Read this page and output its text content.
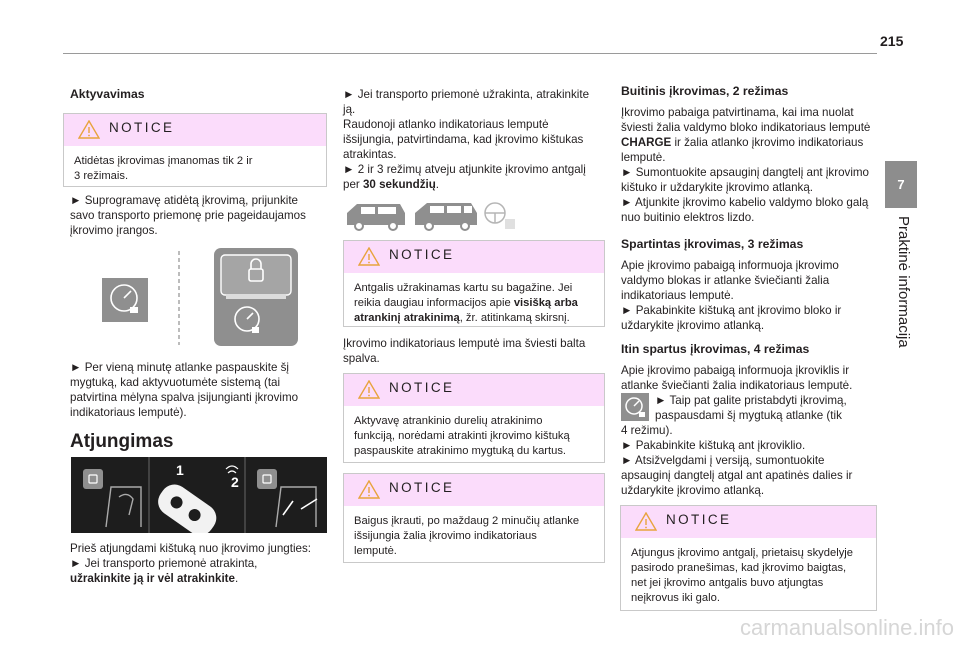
215
7
Praktinė informacija
Aktyvavimas
NOTICE
Atidėtas įkrovimas įmanomas tik 2 ir
3 režimais.
► Suprogramavę atidėtą įkrovimą, prijunkite
savo transporto priemonę prie pageidaujamos
įkrovimo įrangos.
► Per vieną minutę atlanke paspauskite šį
mygtuką, kad aktyvuotumėte sistemą (tai
patvirtina mėlyna spalva įsijungianti įkrovimo
indikatoriaus lemputė).
Atjungimas
2
1
Prieš atjungdami kištuką nuo įkrovimo jungties:
► Jei transporto priemonė atrakinta,
užrakinkite ją ir vėl atrakinkite.
► Jei transporto priemonė užrakinta, atrakinkite
ją.
Raudonoji atlanko indikatoriaus lemputė
išsijungia, patvirtindama, kad įkrovimo kištukas
atrakintas.
► 2 ir 3 režimų atveju atjunkite įkrovimo antgalį
per 30 sekundžių.
NOTICE
Antgalis užrakinamas kartu su bagažine. Jei
reikia daugiau informacijos apie visišką arba
atrankinį atrakinimą, žr. atitinkamą skirsnį.
Įkrovimo indikatoriaus lemputė ima šviesti balta
spalva.
NOTICE
Aktyvavę atrankinio durelių atrakinimo
funkciją, norėdami atrakinti įkrovimo kištuką
paspauskite atrakinimo mygtuką du kartus.
NOTICE
Baigus įkrauti, po maždaug 2 minučių atlanke
išsijungia žalia įkrovimo indikatoriaus
lemputė.
Buitinis įkrovimas, 2 režimas
Įkrovimo pabaiga patvirtinama, kai ima nuolat
šviesti žalia valdymo bloko indikatoriaus lemputė
CHARGE ir žalia atlanko įkrovimo indikatoriaus
lemputė.
► Sumontuokite apsauginį dangtelį ant įkrovimo
kištuko ir uždarykite įkrovimo atlanką.
► Atjunkite įkrovimo kabelio valdymo bloko galą
nuo buitinio elektros lizdo.
Spartintas įkrovimas, 3 režimas
Apie įkrovimo pabaigą informuoja įkrovimo
valdymo blokas ir atlanke šviečianti žalia
indikatoriaus lemputė.
► Pakabinkite kištuką ant įkrovimo bloko ir
uždarykite įkrovimo atlanką.
Itin spartus įkrovimas, 4 režimas
Apie įkrovimo pabaigą informuoja įkroviklis ir
atlanke šviečianti žalia indikatoriaus lemputė.
► Taip pat galite pristabdyti įkrovimą,
paspausdami šį mygtuką atlanke (tik
4 režimu).
► Pakabinkite kištuką ant įkroviklio.
► Atsižvelgdami į versiją, sumontuokite
apsauginį dangtelį atgal ant apatinės dalies ir
uždarykite įkrovimo atlanką.
NOTICE
Atjungus įkrovimo antgalį, prietaisų skydelyje
pasirodo pranešimas, kad įkrovimo baigtas,
net jei įkrovimo antgalis buvo atjungtas
neįkrovus iki galo.
carmanualsonline.info
